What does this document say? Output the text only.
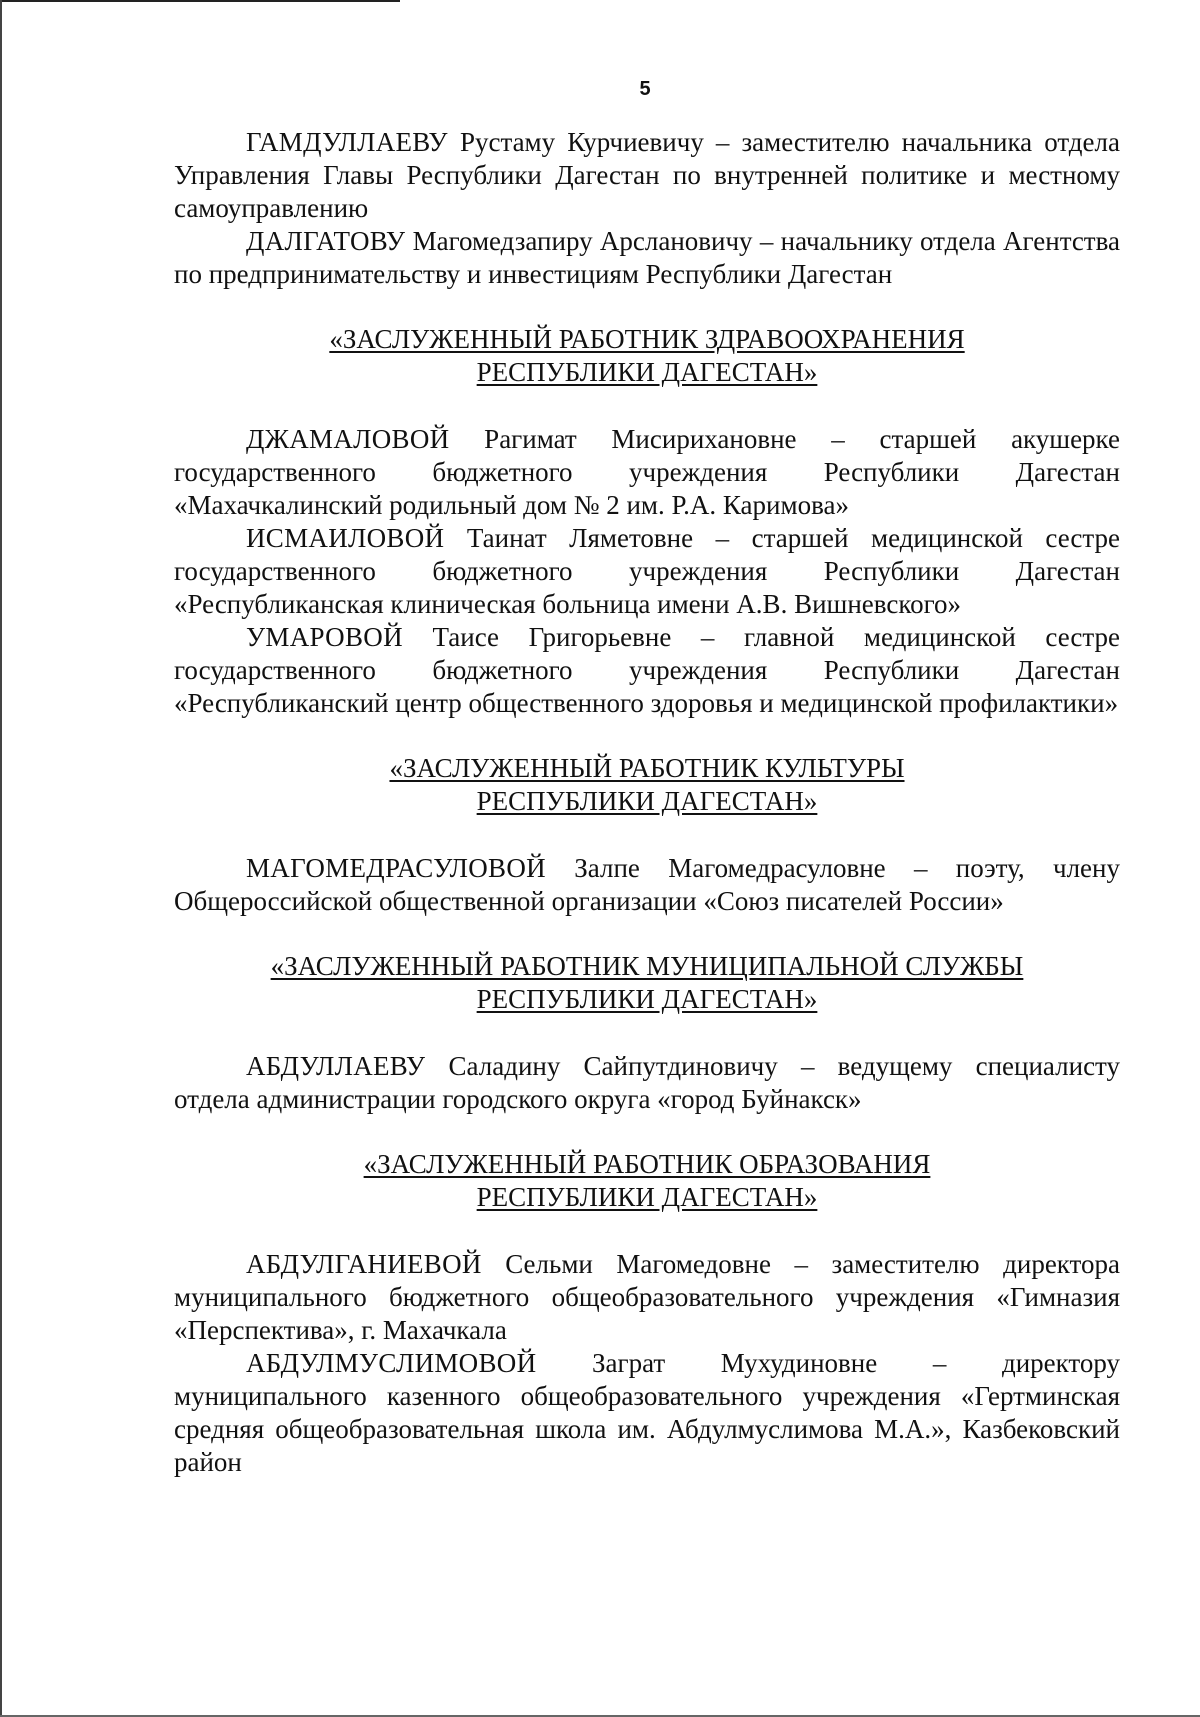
5

ГАМДУЛЛАЕВУ Рустаму Курчиевичу – заместителю начальника отдела Управления Главы Республики Дагестан по внутренней политике и местному самоуправлению

ДАЛГАТОВУ Магомедзапиру Арслановичу – начальнику отдела Агентства по предпринимательству и инвестициям Республики Дагестан

«ЗАСЛУЖЕННЫЙ РАБОТНИК ЗДРАВООХРАНЕНИЯ
РЕСПУБЛИКИ ДАГЕСТАН»

ДЖАМАЛОВОЙ Рагимат Мисирихановне – старшей акушерке государственного бюджетного учреждения Республики Дагестан «Махачкалинский родильный дом № 2 им. Р.А. Каримова»

ИСМАИЛОВОЙ Таинат Ляметовне – старшей медицинской сестре государственного бюджетного учреждения Республики Дагестан «Республиканская клиническая больница имени А.В. Вишневского»

УМАРОВОЙ Таисе Григорьевне – главной медицинской сестре государственного бюджетного учреждения Республики Дагестан «Республиканский центр общественного здоровья и медицинской профилактики»

«ЗАСЛУЖЕННЫЙ РАБОТНИК КУЛЬТУРЫ
РЕСПУБЛИКИ ДАГЕСТАН»

МАГОМЕДРАСУЛОВОЙ Залпе Магомедрасуловне – поэту, члену Общероссийской общественной организации «Союз писателей России»

«ЗАСЛУЖЕННЫЙ РАБОТНИК МУНИЦИПАЛЬНОЙ СЛУЖБЫ
РЕСПУБЛИКИ ДАГЕСТАН»

АБДУЛЛАЕВУ Саладину Сайпутдиновичу – ведущему специалисту отдела администрации городского округа «город Буйнакск»

«ЗАСЛУЖЕННЫЙ РАБОТНИК ОБРАЗОВАНИЯ
РЕСПУБЛИКИ ДАГЕСТАН»

АБДУЛГАНИЕВОЙ Сельми Магомедовне – заместителю директора муниципального бюджетного общеобразовательного учреждения «Гимназия «Перспектива», г. Махачкала

АБДУЛМУСЛИМОВОЙ Заграт Мухудиновне – директору муниципального казенного общеобразовательного учреждения «Гертминская средняя общеобразовательная школа им. Абдулмуслимова М.А.», Казбековский район
